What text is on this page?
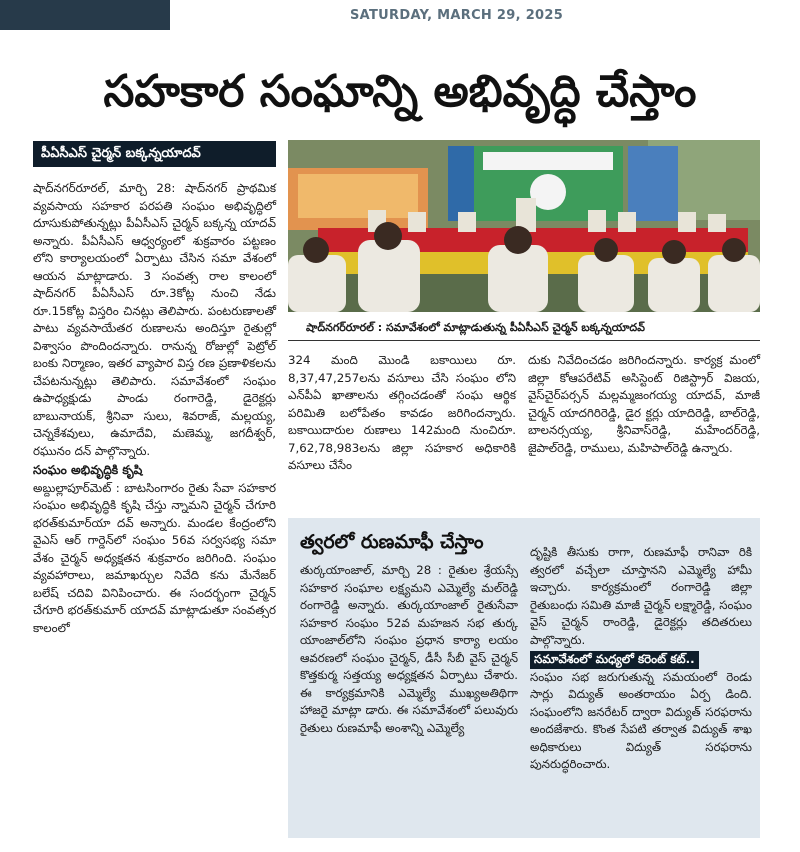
SATURDAY, MARCH 29, 2025
సహకార సంఘాన్ని అభివృద్ధి చేస్తాం
పీఏసీఎస్ చైర్మన్ బక్కన్నయాదవ్

షాద్‌నగర్‌రూరల్, మార్చి 28: షాద్‌నగర్ ప్రాథమిక వ్యవసాయ సహకార పరపతి సంఘం అభివృద్ధిలో దూసుకుపోతున్నట్లు పీఏసీఎస్ చైర్మన్ బక్కన్న యాదవ్ అన్నారు. పీఏసీఎస్ ఆధ్వర్యంలో శుక్రవారం పట్టణం లోని కార్యాలయంలో ఏర్పాటు చేసిన సమా వేశంలో ఆయన మాట్లాడారు. 3 సంవత్స రాల కాలంలో షాద్‌నగర్ పీఏసీఎస్ రూ.3కోట్ల నుంచి నేడు రూ.15కోట్ల విస్తరిం చినట్లు తెలిపారు. పంటరుణాలతో పాటు వ్యవసాయేతర రుణాలను అందిస్తూ రైతుల్లో విశ్వాసం పొందిందన్నారు. రానున్న రోజుల్లో పెట్రోల్ బంకు నిర్మాణం, ఇతర వ్యాపార విస్త రణ ప్రణాళికలను చేపటనున్నట్లు తెలిపారు. సమావేశంలో సంఘం ఉపాధ్యక్షుడు పాండు రంగారెడ్డి, డైరెక్టర్లు బాబునాయక్, శ్రీనివా సులు, శివరాజ్, మల్లయ్య, చెన్నకేశవులు, ఉమాదేవి, మణెమ్మ, జగదీశ్వర్, రఘునం దన్ పాల్గొన్నారు.

సంఘం అభివృద్ధికి కృషి

అబ్దుల్లాపూర్‌మెట్ : బాటసింగారం రైతు సేవా సహకార సంఘం అభివృద్ధికి కృషి చేస్తు న్నామని చైర్మన్ చేగూరి భరత్‌కుమార్‌యా దవ్ అన్నారు. మండల కేంద్రంలోని వైఎస్ ఆర్ గార్డెన్‌లో సంఘం 56వ సర్వసభ్య సమా వేశం చైర్మన్ అధ్యక్షతన శుక్రవారం జరిగింది. సంఘం వ్యవహారాలు, జమాఖర్చుల నివేది కను మేనేజర్ బలేష్ చదివి వినిపించారు. ఈ సందర్భంగా చైర్మన్ చేగూరి భరత్‌కుమార్ యాదవ్ మాట్లాడుతూ సంవత్సర కాలంలో

షాద్‌నగర్‌రూరల్ : సమావేశంలో మాట్లాడుతున్న పీఏసీఎస్ చైర్మన్ బక్కన్నయాదవ్

324 మంది మొండి బకాయిలు రూ. 8,37,47,257లను వసూలు చేసి సంఘం లోని ఎన్‌పీఏ ఖాతాలను తగ్గించడంతో సంఘ ఆర్థిక పరిమితి బలోపేతం కావడం జరిగిందన్నారు. బకాయిదారుల రుణాలు 142మంది నుంచిరూ. 7,62,78,983లను జిల్లా సహకార అధికారికి వసూలు చేసేం

దుకు నివేదించడం జరిగిందన్నారు. కార్యక్ర మంలో జిల్లా కోఆపరేటివ్ అసిస్టెంట్ రిజిస్ట్రార్ విజయ, వైస్‌చైర్‌పర్సన్ మల్లమ్మజంగయ్య యాదవ్, మాజీ చైర్మన్ యాదగిరిరెడ్డి, డైర క్టర్లు యాదిరెడ్డి, బాల్‌రెడ్డి, బాలనర్సయ్య, శ్రీనివాస్‌రెడ్డి, మహేందర్‌రెడ్డి, జైపాల్‌రెడ్డి, రాములు, మహిపాల్‌రెడ్డి ఉన్నారు.

త్వరలో రుణమాఫీ చేస్తాం

తుర్కయాంజాల్, మార్చి 28 : రైతుల శ్రేయస్సే సహకార సంఘాల లక్ష్యమని ఎమ్మెల్యే మల్‌రెడ్డి రంగారెడ్డి అన్నారు. తుర్కయాంజాల్ రైతుసేవా సహకార సంఘం 52వ మహజన సభ తుర్క యాంజాల్‌లోని సంఘం ప్రధాన కార్యా లయం ఆవరణలో సంఘం చైర్మన్, డీసీ సీబీ వైస్ చైర్మన్ కొత్తకుర్మ సత్తయ్య అధ్యక్షతన ఏర్పాటు చేశారు. ఈ కార్యక్రమానికి ఎమ్మెల్యే ముఖ్యఅతిథిగా హాజరై మాట్లా డారు. ఈ సమావేశంలో పలువురు రైతులు రుణమాఫీ అంశాన్ని ఎమ్మెల్యే

దృష్టికి తీసుకు రాగా, రుణమాఫీ రానివా రికి త్వరలో వచ్చేలా చూస్తానని ఎమ్మెల్యే హామీ ఇచ్చారు. కార్యక్రమంలో రంగారెడ్డి జిల్లా రైతుబంధు సమితి మాజీ చైర్మన్ లక్ష్మారెడ్డి, సంఘం వైస్ చైర్మన్ రాంరెడ్డి, డైరెక్టర్లు తదితరులు పాల్గొన్నారు.

సమావేశంలో మధ్యలో కరెంట్ కట్..

సంఘం సభ జరుగుతున్న సమయంలో రెండు సార్లు విద్యుత్ అంతరాయం ఏర్ప డింది. సంఘంలోని జనరేటర్ ద్వారా విద్యుత్ సరఫరాను అందజేశారు. కొంత సేపటి తర్వాత విద్యుత్ శాఖ అధికారులు విద్యుత్ సరఫరాను పునరుద్ధరించారు.
